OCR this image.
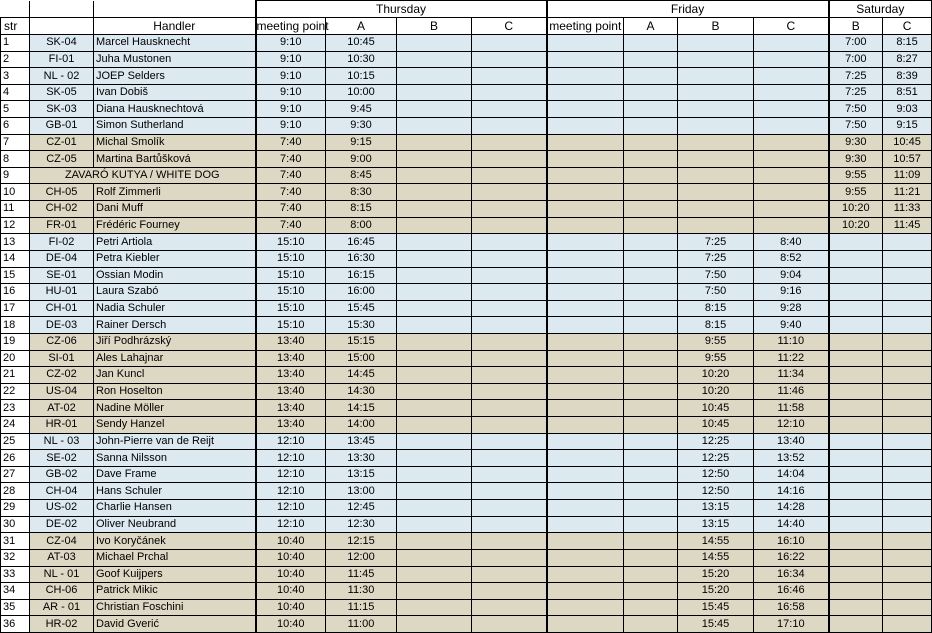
			Thursday				Friday				Saturday	
str		Handler	meeting point	A	B	C	meeting point	A	B	C	B	C
1	SK-04	Marcel Hausknecht	9:10	10:45							7:00	8:15
2	FI-01	Juha Mustonen	9:10	10:30							7:00	8:27
3	NL - 02	JOEP Selders	9:10	10:15							7:25	8:39
4	SK-05	Ivan Dobiš	9:10	10:00							7:25	8:51
5	SK-03	Diana Hausknechtová	9:10	9:45							7:50	9:03
6	GB-01	Simon Sutherland	9:10	9:30							7:50	9:15
7	CZ-01	Michal Smolík	7:40	9:15							9:30	10:45
8	CZ-05	Martina Bartůšková	7:40	9:00							9:30	10:57
9	ZAVARÓ KUTYA / WHITE DOG		7:40	8:45							9:55	11:09
10	CH-05	Rolf Zimmerli	7:40	8:30							9:55	11:21
11	CH-02	Dani Muff	7:40	8:15							10:20	11:33
12	FR-01	Frédéric Fourney	7:40	8:00							10:20	11:45
13	FI-02	Petri Artiola	15:10	16:45					7:25	8:40		
14	DE-04	Petra Kiebler	15:10	16:30					7:25	8:52		
15	SE-01	Ossian Modin	15:10	16:15					7:50	9:04		
16	HU-01	Laura Szabó	15:10	16:00					7:50	9:16		
17	CH-01	Nadia Schuler	15:10	15:45					8:15	9:28		
18	DE-03	Rainer Dersch	15:10	15:30					8:15	9:40		
19	CZ-06	Jiří Podhrázský	13:40	15:15					9:55	11:10		
20	SI-01	Ales Lahajnar	13:40	15:00					9:55	11:22		
21	CZ-02	Jan Kuncl	13:40	14:45					10:20	11:34		
22	US-04	Ron Hoselton	13:40	14:30					10:20	11:46		
23	AT-02	Nadine Möller	13:40	14:15					10:45	11:58		
24	HR-01	Sendy Hanzel	13:40	14:00					10:45	12:10		
25	NL - 03	John-Pierre van de Reijt	12:10	13:45					12:25	13:40		
26	SE-02	Sanna Nilsson	12:10	13:30					12:25	13:52		
27	GB-02	Dave Frame	12:10	13:15					12:50	14:04		
28	CH-04	Hans Schuler	12:10	13:00					12:50	14:16		
29	US-02	Charlie Hansen	12:10	12:45					13:15	14:28		
30	DE-02	Oliver Neubrand	12:10	12:30					13:15	14:40		
31	CZ-04	Ivo Koryčánek	10:40	12:15					14:55	16:10		
32	AT-03	Michael Prchal	10:40	12:00					14:55	16:22		
33	NL - 01	Goof Kuijpers	10:40	11:45					15:20	16:34		
34	CH-06	Patrick Mikic	10:40	11:30					15:20	16:46		
35	AR - 01	Christian Foschini	10:40	11:15					15:45	16:58		
36	HR-02	David Gverić	10:40	11:00					15:45	17:10		
